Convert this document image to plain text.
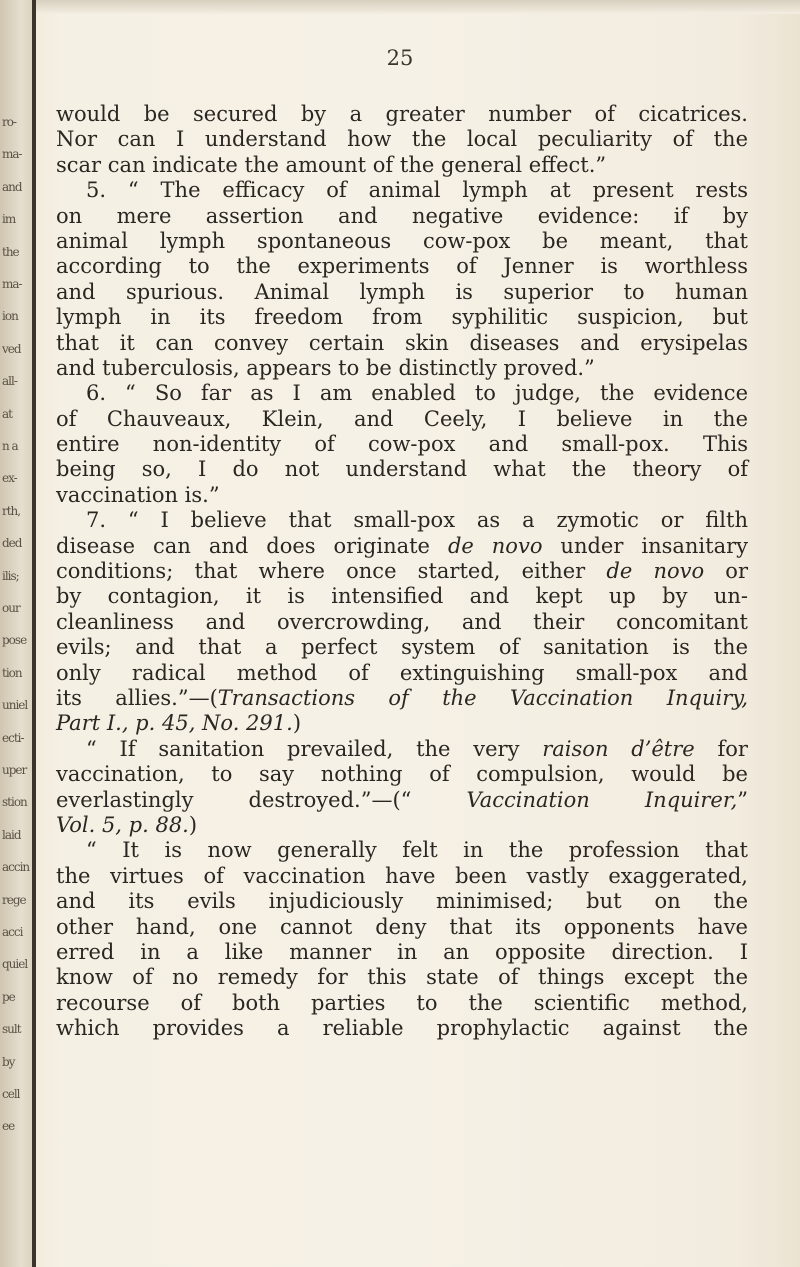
ro-
ma-
and
im
the
ma-
ion
ved
all-
at
n a
ex-
rth,
ded
ilis;
our
pose
tion
uniel
ecti-
uper
stion
laid
accin
rege
acci
quiel
pe
sult
by
cell
ee
25
would be secured by a greater number of cicatrices.
Nor can I understand how the local peculiarity of the
scar can indicate the amount of the general effect.”
5. “ The efficacy of animal lymph at present rests
on mere assertion and negative evidence: if by
animal lymph spontaneous cow-pox be meant, that
according to the experiments of Jenner is worthless
and spurious. Animal lymph is superior to human
lymph in its freedom from syphilitic suspicion, but
that it can convey certain skin diseases and erysipelas
and tuberculosis, appears to be distinctly proved.”
6. “ So far as I am enabled to judge, the evidence
of Chauveaux, Klein, and Ceely, I believe in the
entire non-identity of cow-pox and small-pox. This
being so, I do not understand what the theory of
vaccination is.”
7. “ I believe that small-pox as a zymotic or filth
disease can and does originate de novo under insanitary
conditions; that where once started, either de novo or
by contagion, it is intensified and kept up by un-
cleanliness and overcrowding, and their concomitant
evils; and that a perfect system of sanitation is the
only radical method of extinguishing small-pox and
its allies.”—(Transactions of the Vaccination Inquiry,
Part I., p. 45, No. 291.)
“ If sanitation prevailed, the very raison d’être for
vaccination, to say nothing of compulsion, would be
everlastingly destroyed.”—(“ Vaccination Inquirer,”
Vol. 5, p. 88.)
“ It is now generally felt in the profession that
the virtues of vaccination have been vastly exaggerated,
and its evils injudiciously minimised; but on the
other hand, one cannot deny that its opponents have
erred in a like manner in an opposite direction. I
know of no remedy for this state of things except the
recourse of both parties to the scientific method,
which provides a reliable prophylactic against the
